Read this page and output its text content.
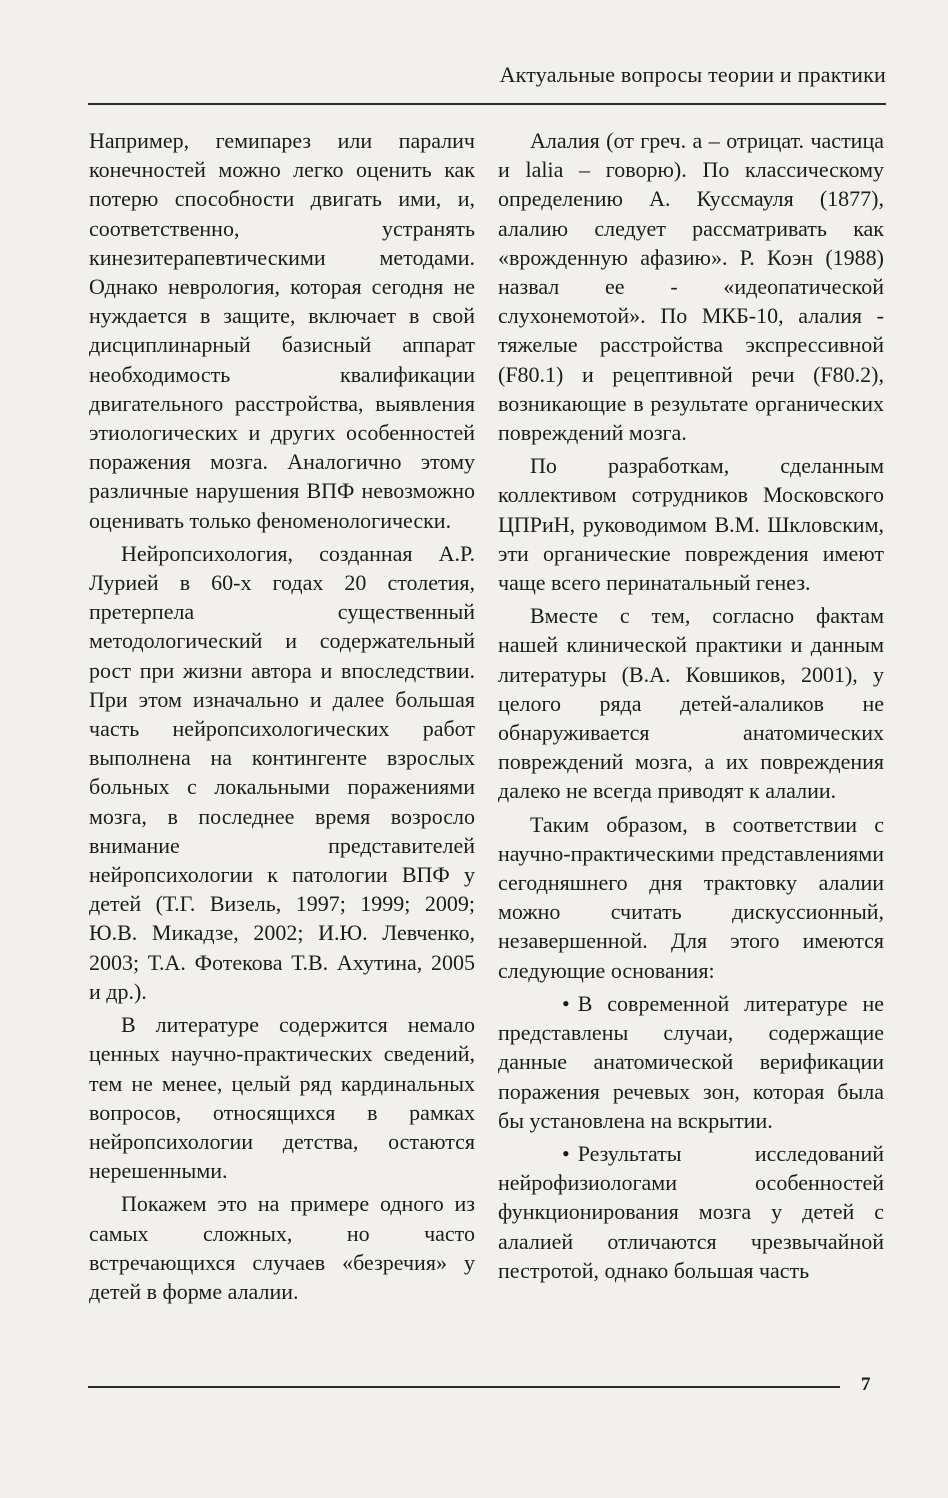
Актуальные вопросы теории и практики

Например, гемипарез или паралич конечностей можно легко оценить как потерю способности двигать ими, и, соответственно, устранять кинезитерапевтическими методами. Однако неврология, которая сегодня не нуждается в защите, включает в свой дисциплинарный базисный аппарат необходимость квалификации двигательного расстройства, выявления этиологических и других особенностей поражения мозга. Аналогично этому различные нарушения ВПФ невозможно оценивать только феноменологически.

Нейропсихология, созданная А.Р. Лурией в 60-х годах 20 столетия, претерпела существенный методологический и содержательный рост при жизни автора и впоследствии. При этом изначально и далее большая часть нейропсихологических работ выполнена на контингенте взрослых больных с локальными поражениями мозга, в последнее время возросло внимание представителей нейропсихологии к патологии ВПФ у детей (Т.Г. Визель, 1997; 1999; 2009; Ю.В. Микадзе, 2002; И.Ю. Левченко, 2003; Т.А. Фотекова Т.В. Ахутина, 2005 и др.).

В литературе содержится немало ценных научно-практических сведений, тем не менее, целый ряд кардинальных вопросов, относящихся в рамках нейропсихологии детства, остаются нерешенными.

Покажем это на примере одного из самых сложных, но часто встречающихся случаев «безречия» у детей в форме алалии.

Алалия (от греч. a – отрицат. частица и lalia – говорю). По классическому определению А. Куссмауля (1877), алалию следует рассматривать как «врожденную афазию». Р. Коэн (1988) назвал ее - «идеопатической слухонемотой». По МКБ-10, алалия - тяжелые расстройства экспрессивной (F80.1) и рецептивной речи (F80.2), возникающие в результате органических повреждений мозга.

По разработкам, сделанным коллективом сотрудников Московского ЦПРиН, руководимом В.М. Шкловским, эти органические повреждения имеют чаще всего перинатальный генез.

Вместе с тем, согласно фактам нашей клинической практики и данным литературы (В.А. Ковшиков, 2001), у целого ряда детей-алаликов не обнаруживается анатомических повреждений мозга, а их повреждения далеко не всегда приводят к алалии.

Таким образом, в соответствии с научно-практическими представлениями сегодняшнего дня трактовку алалии можно считать дискуссионный, незавершенной. Для этого имеются следующие основания:

• В современной литературе не представлены случаи, содержащие данные анатомической верификации поражения речевых зон, которая была бы установлена на вскрытии.

• Результаты исследований нейрофизиологами особенностей функционирования мозга у детей с алалией отличаются чрезвычайной пестротой, однако большая часть

7
